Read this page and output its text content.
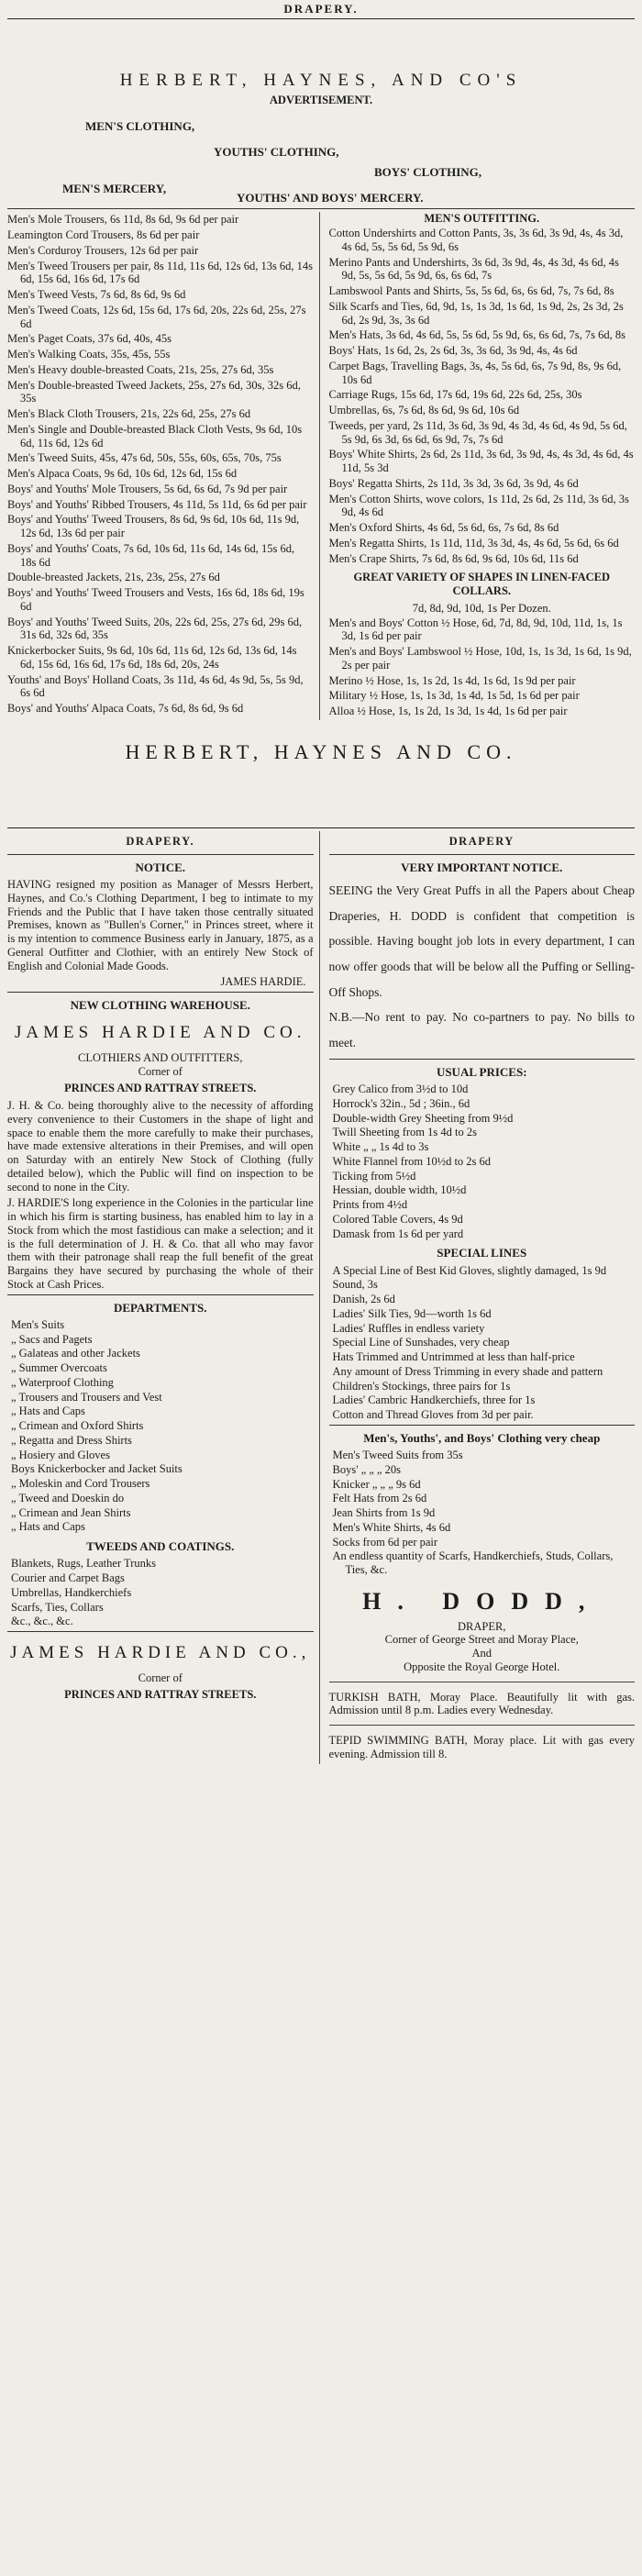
DRAPERY.
HERBERT, HAYNES, AND CO'S
ADVERTISEMENT.
MEN'S CLOTHING,
YOUTHS' CLOTHING,
BOYS' CLOTHING,
MEN'S MERCERY,
YOUTHS' AND BOYS' MERCERY.
Men's Mole Trousers, 6s 11d, 8s 6d, 9s 6d per pair
Leamington Cord Trousers, 8s 6d per pair
Men's Corduroy Trousers, 12s 6d per pair
Men's Tweed Trousers per pair, 8s 11d, 11s 6d, 12s 6d, 13s 6d, 14s 6d, 15s 6d, 16s 6d, 17s 6d
Men's Tweed Vests, 7s 6d, 8s 6d, 9s 6d
Men's Tweed Coats, 12s 6d, 15s 6d, 17s 6d, 20s, 22s 6d, 25s, 27s 6d
Men's Paget Coats, 37s 6d, 40s, 45s
Men's Walking Coats, 35s, 45s, 55s
Men's Heavy double-breasted Coats, 21s, 25s, 27s 6d, 35s
Men's Double-breasted Tweed Jackets, 25s, 27s 6d, 30s, 32s 6d, 35s
Men's Black Cloth Trousers, 21s, 22s 6d, 25s, 27s 6d
Men's Single and Double-breasted Black Cloth Vests, 9s 6d, 10s 6d, 11s 6d, 12s 6d
Men's Tweed Suits, 45s, 47s 6d, 50s, 55s, 60s, 65s, 70s, 75s
Men's Alpaca Coats, 9s 6d, 10s 6d, 12s 6d, 15s 6d
Boys' and Youths' Mole Trousers, 5s 6d, 6s 6d, 7s 9d per pair
Boys' and Youths' Ribbed Trousers, 4s 11d, 5s 11d, 6s 6d per pair
Boys' and Youths' Tweed Trousers, 8s 6d, 9s 6d, 10s 6d, 11s 9d, 12s 6d, 13s 6d per pair
Boys' and Youths' Coats, 7s 6d, 10s 6d, 11s 6d, 14s 6d, 15s 6d, 18s 6d
Double-breasted Jackets, 21s, 23s, 25s, 27s 6d
Boys' and Youths' Tweed Trousers and Vests, 16s 6d, 18s 6d, 19s 6d
Boys' and Youths' Tweed Suits, 20s, 22s 6d, 25s, 27s 6d, 29s 6d, 31s 6d, 32s 6d, 35s
Knickerbocker Suits, 9s 6d, 10s 6d, 11s 6d, 12s 6d, 13s 6d, 14s 6d, 15s 6d, 16s 6d, 17s 6d, 18s 6d, 20s, 24s
Youths' and Boys' Holland Coats, 3s 11d, 4s 6d, 4s 9d, 5s, 5s 9d, 6s 6d
Boys' and Youths' Alpaca Coats, 7s 6d, 8s 6d, 9s 6d
MEN'S OUTFITTING.
Cotton Undershirts and Cotton Pants, 3s, 3s 6d, 3s 9d, 4s, 4s 3d, 4s 6d, 5s, 5s 6d, 5s 9d, 6s
Merino Pants and Undershirts, 3s 6d, 3s 9d, 4s, 4s 3d, 4s 6d, 4s 9d, 5s, 5s 6d, 5s 9d, 6s, 6s 6d, 7s
Lambswool Pants and Shirts, 5s, 5s 6d, 6s, 6s 6d, 7s, 7s 6d, 8s
Silk Scarfs and Ties, 6d, 9d, 1s, 1s 3d, 1s 6d, 1s 9d, 2s, 2s 3d, 2s 6d, 2s 9d, 3s, 3s 6d
Men's Hats, 3s 6d, 4s 6d, 5s, 5s 6d, 5s 9d, 6s, 6s 6d, 7s, 7s 6d, 8s
Boys' Hats, 1s 6d, 2s, 2s 6d, 3s, 3s 6d, 3s 9d, 4s, 4s 6d
Carpet Bags, Travelling Bags, 3s, 4s, 5s 6d, 6s, 7s 9d, 8s, 9s 6d, 10s 6d
Carriage Rugs, 15s 6d, 17s 6d, 19s 6d, 22s 6d, 25s, 30s
Umbrellas, 6s, 7s 6d, 8s 6d, 9s 6d, 10s 6d
Tweeds, per yard, 2s 11d, 3s 6d, 3s 9d, 4s 3d, 4s 6d, 4s 9d, 5s 6d, 5s 9d, 6s 3d, 6s 6d, 6s 9d, 7s, 7s 6d
Boys' White Shirts, 2s 6d, 2s 11d, 3s 6d, 3s 9d, 4s, 4s 3d, 4s 6d, 4s 11d, 5s 3d
Boys' Regatta Shirts, 2s 11d, 3s 3d, 3s 6d, 3s 9d, 4s 6d
Men's Cotton Shirts, wove colors, 1s 11d, 2s 6d, 2s 11d, 3s 6d, 3s 9d, 4s 6d
Men's Oxford Shirts, 4s 6d, 5s 6d, 6s, 7s 6d, 8s 6d
Men's Regatta Shirts, 1s 11d, 11d, 3s 3d, 4s, 4s 6d, 5s 6d, 6s 6d
Men's Crape Shirts, 7s 6d, 8s 6d, 9s 6d, 10s 6d, 11s 6d
GREAT VARIETY OF SHAPES IN LINEN-FACED COLLARS.
7d, 8d, 9d, 10d, 1s Per Dozen.
Men's and Boys' Cotton ½ Hose, 6d, 7d, 8d, 9d, 10d, 11d, 1s, 1s 3d, 1s 6d per pair
Men's and Boys' Lambswool ½ Hose, 10d, 1s, 1s 3d, 1s 6d, 1s 9d, 2s per pair
Merino ½ Hose, 1s, 1s 2d, 1s 4d, 1s 6d, 1s 9d per pair
Military ½ Hose, 1s, 1s 3d, 1s 4d, 1s 5d, 1s 6d per pair
Alloa ½ Hose, 1s, 1s 2d, 1s 3d, 1s 4d, 1s 6d per pair
HERBERT, HAYNES AND CO.
DRAPERY.
NOTICE.
HAVING resigned my position as Manager of Messrs Herbert, Haynes, and Co.'s Clothing Department, I beg to intimate to my Friends and the Public that I have taken those centrally situated Premises, known as "Bullen's Corner," in Princes street, where it is my intention to commence Business early in January, 1875, as a General Outfitter and Clothier, with an entirely New Stock of English and Colonial Made Goods.
JAMES HARDIE.
NEW CLOTHING WAREHOUSE.
JAMES HARDIE AND CO.
CLOTHIERS AND OUTFITTERS,
Corner of
PRINCES AND RATTRAY STREETS.
J. H. & Co. being thoroughly alive to the necessity of affording every convenience to their Customers in the shape of light and space to enable them the more carefully to make their purchases, have made extensive alterations in their Premises, and will open on Saturday with an entirely New Stock of Clothing (fully detailed below), which the Public will find on inspection to be second to none in the City.
J. HARDIE'S long experience in the Colonies in the particular line in which his firm is starting business, has enabled him to lay in a Stock from which the most fastidious can make a selection; and it is the full determination of J. H. & Co. that all who may favor them with their patronage shall reap the full benefit of the great Bargains they have secured by purchasing the whole of their Stock at Cash Prices.
DEPARTMENTS.
Men's Suits
„ Sacs and Pagets
„ Galateas and other Jackets
„ Summer Overcoats
„ Waterproof Clothing
„ Trousers and Trousers and Vest
„ Hats and Caps
„ Crimean and Oxford Shirts
„ Regatta and Dress Shirts
„ Hosiery and Gloves
Boys Knickerbocker and Jacket Suits
„ Moleskin and Cord Trousers
„ Tweed and Doeskin do
„ Crimean and Jean Shirts
„ Hats and Caps
TWEEDS AND COATINGS.
Blankets, Rugs, Leather Trunks
Courier and Carpet Bags
Umbrellas, Handkerchiefs
Scarfs, Ties, Collars
&c., &c., &c.
JAMES HARDIE AND CO.,
Corner of
PRINCES AND RATTRAY STREETS.
DRAPERY
VERY IMPORTANT NOTICE.
SEEING the Very Great Puffs in all the Papers about Cheap Draperies, H. DODD is confident that competition is possible. Having bought job lots in every department, I can now offer goods that will be below all the Puffing or Selling-Off Shops.
N.B.—No rent to pay. No co-partners to pay. No bills to meet.
USUAL PRICES:
Grey Calico from 3½d to 10d
Horrock's 32in., 5d ; 36in., 6d
Double-width Grey Sheeting from 9½d
Twill Sheeting from 1s 4d to 2s
White „ „ 1s 4d to 3s
White Flannel from 10½d to 2s 6d
Ticking from 5½d
Hessian, double width, 10½d
Prints from 4½d
Colored Table Covers, 4s 9d
Damask from 1s 6d per yard
SPECIAL LINES
A Special Line of Best Kid Gloves, slightly damaged, 1s 9d
Sound, 3s
Danish, 2s 6d
Ladies' Silk Ties, 9d—worth 1s 6d
Ladies' Ruffles in endless variety
Special Line of Sunshades, very cheap
Hats Trimmed and Untrimmed at less than half-price
Any amount of Dress Trimming in every shade and pattern
Children's Stockings, three pairs for 1s
Ladies' Cambric Handkerchiefs, three for 1s
Cotton and Thread Gloves from 3d per pair.
Men's, Youths', and Boys' Clothing very cheap
Men's Tweed Suits from 35s
Boys' „ „ „ 20s
Knicker „ „ „ 9s 6d
Felt Hats from 2s 6d
Jean Shirts from 1s 9d
Men's White Shirts, 4s 6d
Socks from 6d per pair
An endless quantity of Scarfs, Handkerchiefs, Studs, Collars, Ties, &c.
H. DODD,
DRAPER,
Corner of George Street and Moray Place,
And
Opposite the Royal George Hotel.
TURKISH BATH, Moray Place. Beautifully lit with gas. Admission until 8 p.m. Ladies every Wednesday.
TEPID SWIMMING BATH, Moray place. Lit with gas every evening. Admission till 8.
